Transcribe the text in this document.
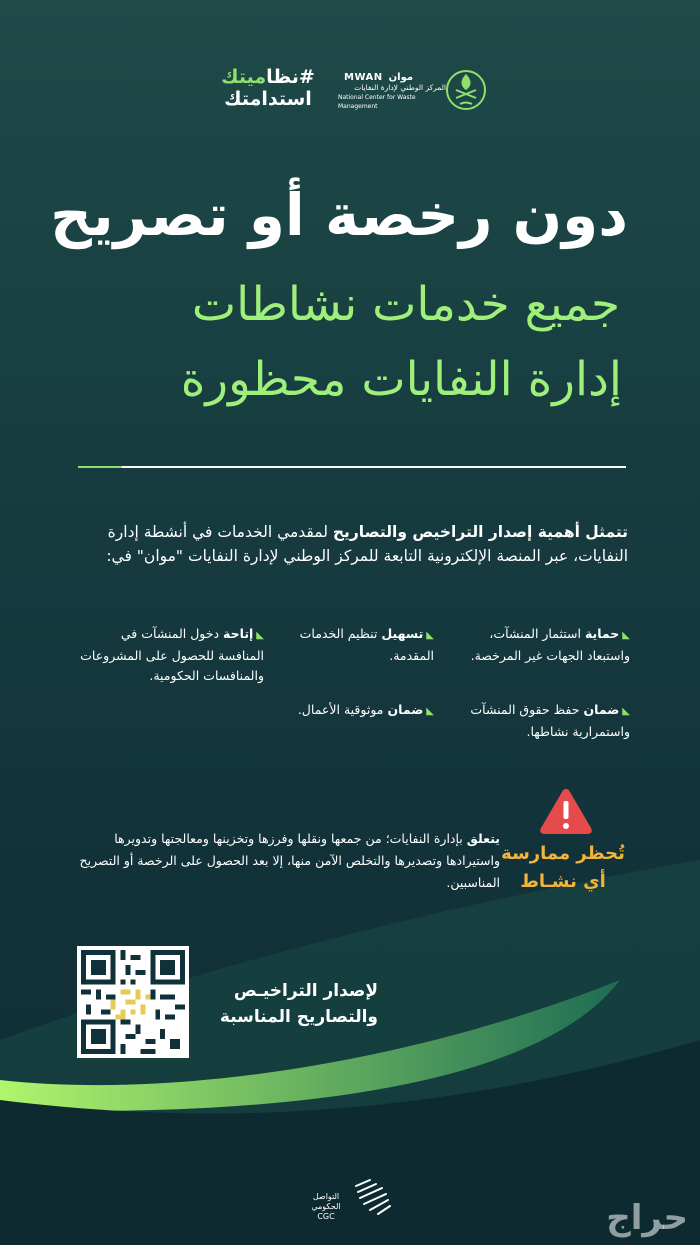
#نظاميتك
استدامتك
MWAN موان
المركز الوطني لإدارة النفايات
National Center for Waste Management
دون رخصة أو تصريح
جميع خدمات نشاطات
إدارة النفايات محظورة

تتمثل أهمية إصدار التراخيص والتصاريح لمقدمي الخدمات في أنشطة إدارة النفايات، عبر المنصة الإلكترونية التابعة للمركز الوطني لإدارة النفايات "موان" في:

◣حماية استثمار المنشآت، واستبعاد الجهات غير المرخصة.
◣تسهيل تنظيم الخدمات المقدمة.
◣إتاحة دخول المنشآت في المنافسة للحصول على المشروعات والمنافسات الحكومية.
◣ضمان حفظ حقوق المنشآت واستمرارية نشاطها.
◣ضمان موثوقية الأعمال.
تُحظر ممارسة
أي نشـاط

يتعلق بإدارة النفايات؛ من جمعها ونقلها وفرزها وتخزينها ومعالجتها وتدويرها واستيرادها وتصديرها والتخلص الآمن منها، إلا بعد الحصول على الرخصة أو التصريح المناسبين.

لإصدار التراخيـص
والتصاريح المناسبة
التواصل
الحكومي
CGC	حراج
